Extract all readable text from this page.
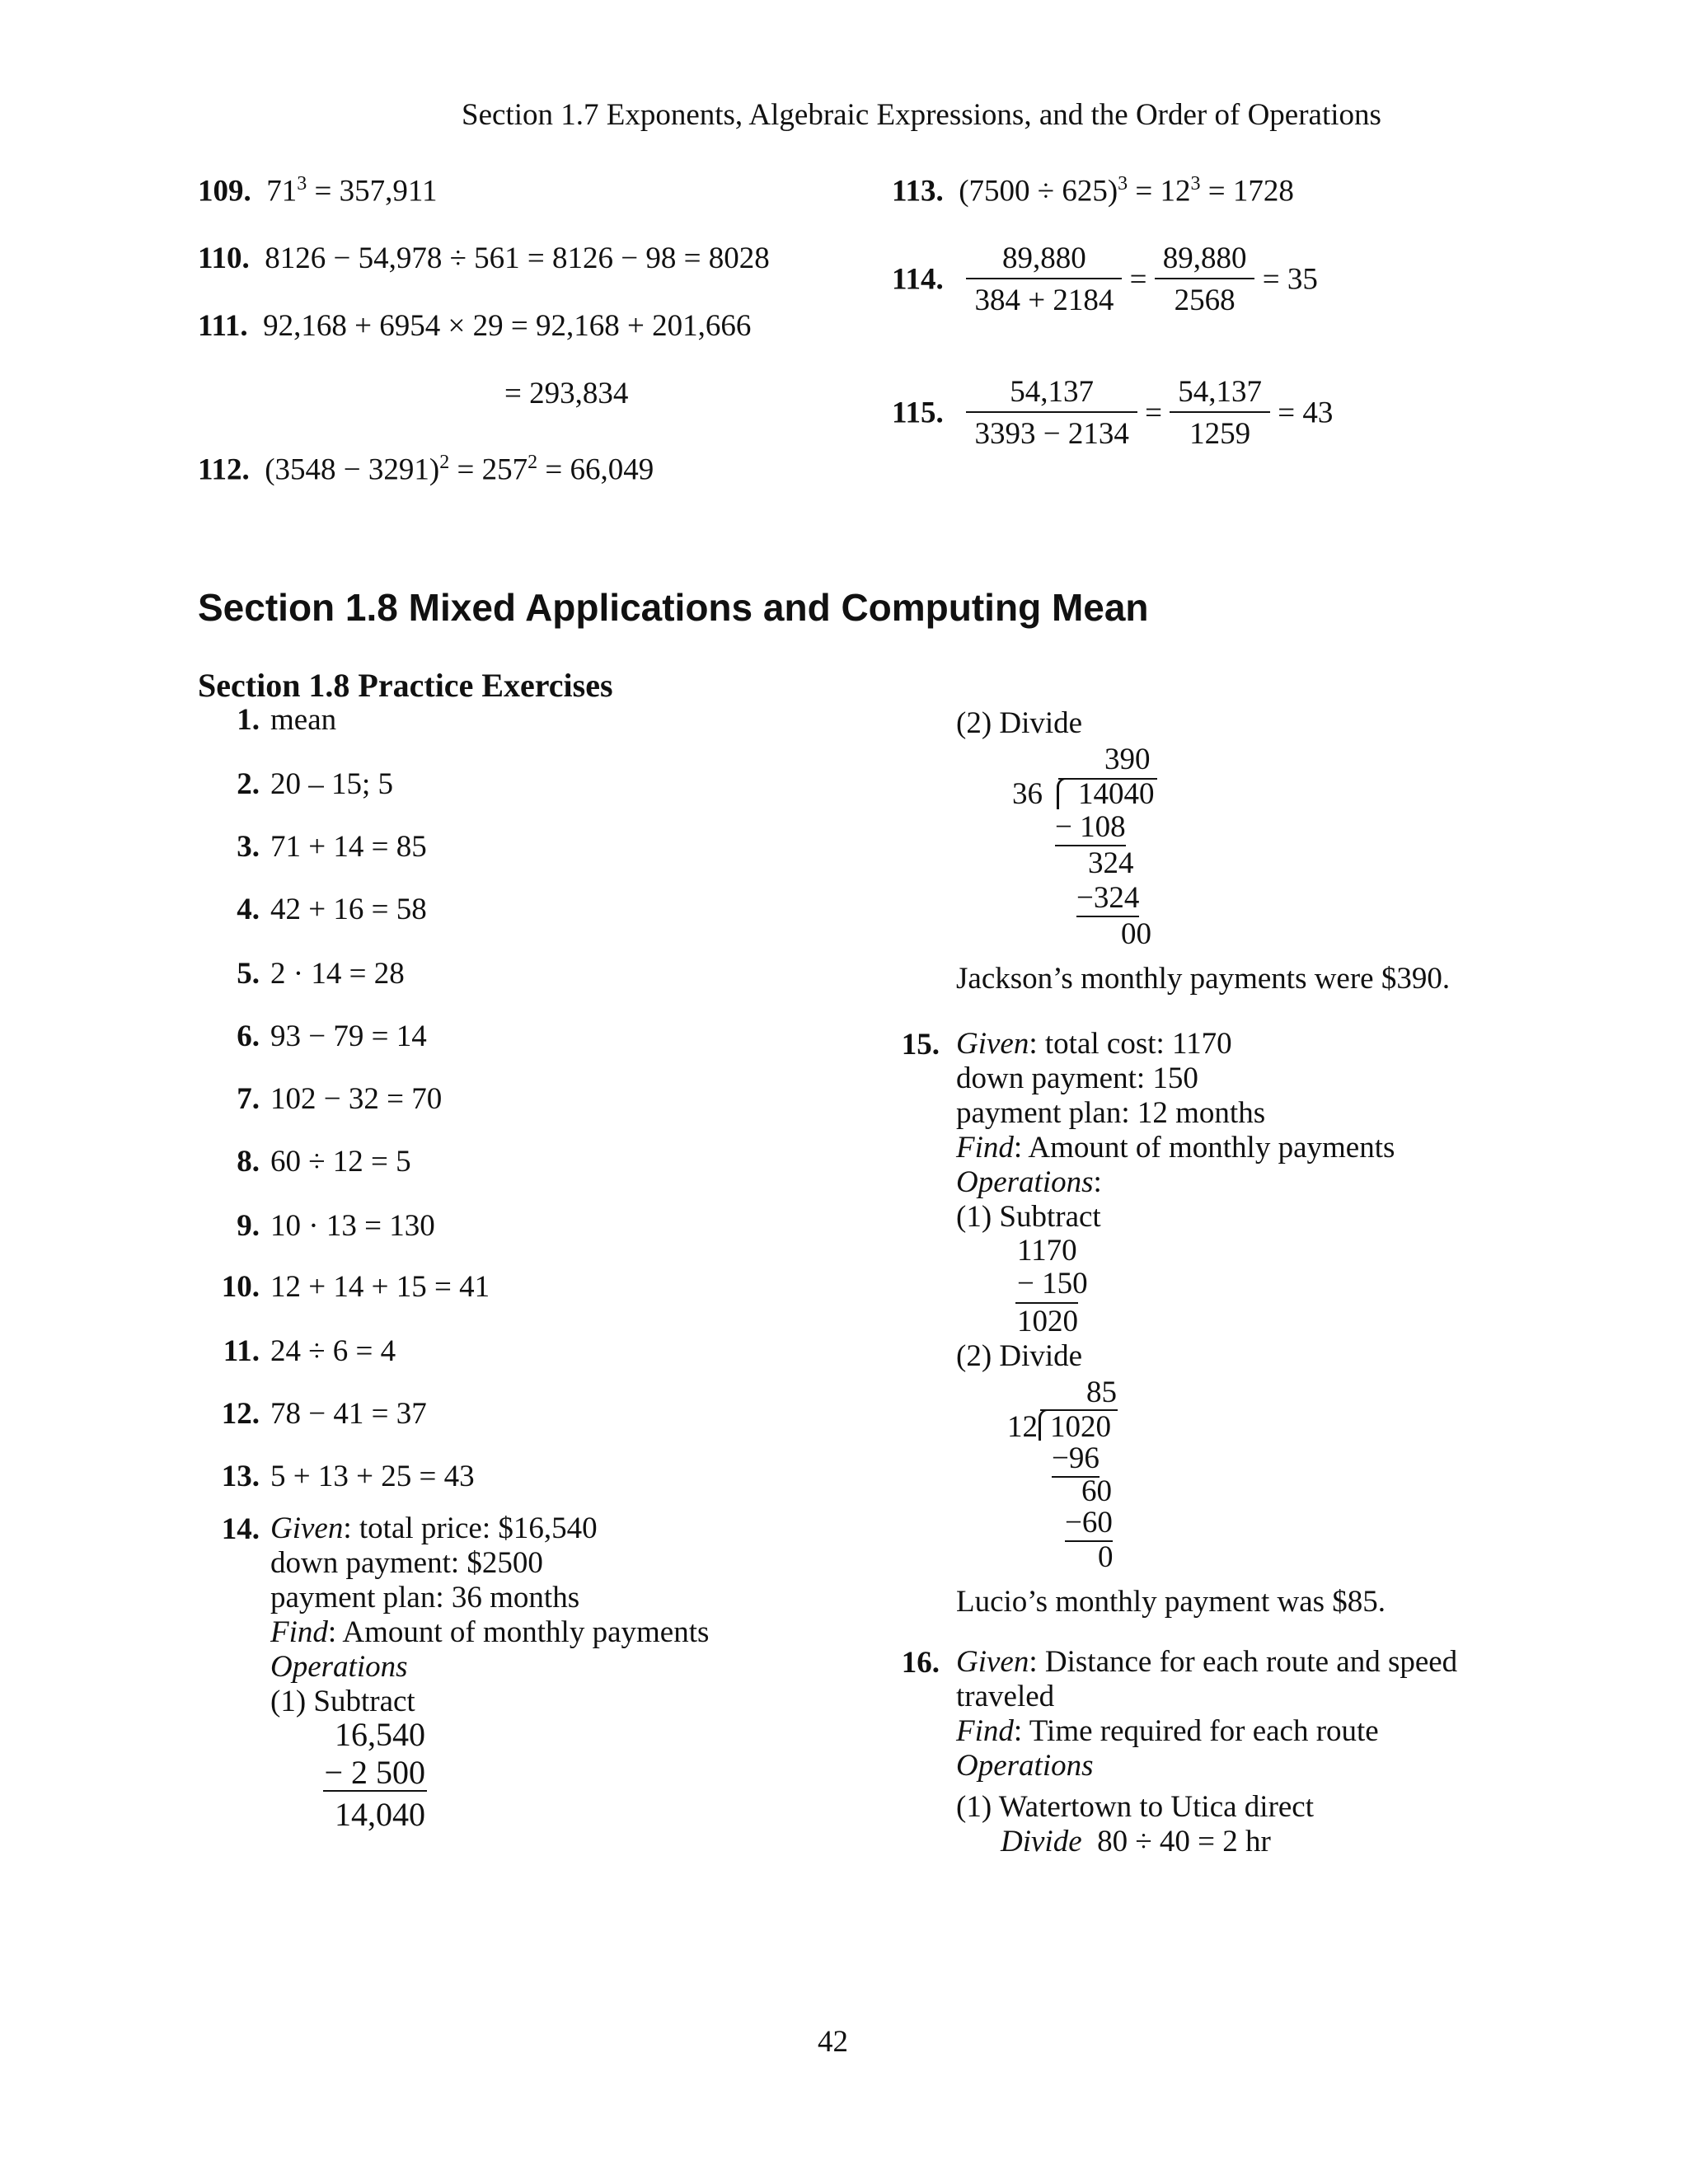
Section 1.7 Exponents, Algebraic Expressions, and the Order of Operations
109. $71^3 = 357,911$
110. 8126 − 54,978 ÷ 561 = 8126 − 98 = 8028
111. 92,168 + 6954 × 29 = 92,168 + 201,666
= 293,834
112. $(3548 - 3291)^2 = 257^2 = 66,049$
113. $(7500 \div 625)^3 = 12^3 = 1728$
114. $\frac{89,880}{384 + 2184} = \frac{89,880}{2568} = 35$
115. $\frac{54,137}{3393 - 2134} = \frac{54,137}{1259} = 43$
Section 1.8 Mixed Applications and Computing Mean
Section 1.8 Practice Exercises
1. mean
2. 20 – 15; 5
3. 71 + 14 = 85
4. 42 + 16 = 58
5. 2 · 14 = 28
6. 93 − 79 = 14
7. 102 − 32 = 70
8. 60 ÷ 12 = 5
9. 10 · 13 = 130
10. 12 + 14 + 15 = 41
11. 24 ÷ 6 = 4
12. 78 − 41 = 37
13. 5 + 13 + 25 = 43
14. Given: total price: $16,540
down payment: $2500
payment plan: 36 months
Find: Amount of monthly payments
Operations
(1) Subtract
16,540
− 2 500
14,040
(2) Divide
390
36 14040
− 108
324
−324
00
Jackson’s monthly payments were $390.
15. Given: total cost: 1170
down payment: 150
payment plan: 12 months
Find: Amount of monthly payments
Operations:
(1) Subtract
1170
− 150
1020
(2) Divide
85
12 1020
−96
60
−60
0
Lucio’s monthly payment was $85.
16. Given: Distance for each route and speed
traveled
Find: Time required for each route
Operations
(1) Watertown to Utica direct
Divide  80 ÷ 40 = 2 hr
42
